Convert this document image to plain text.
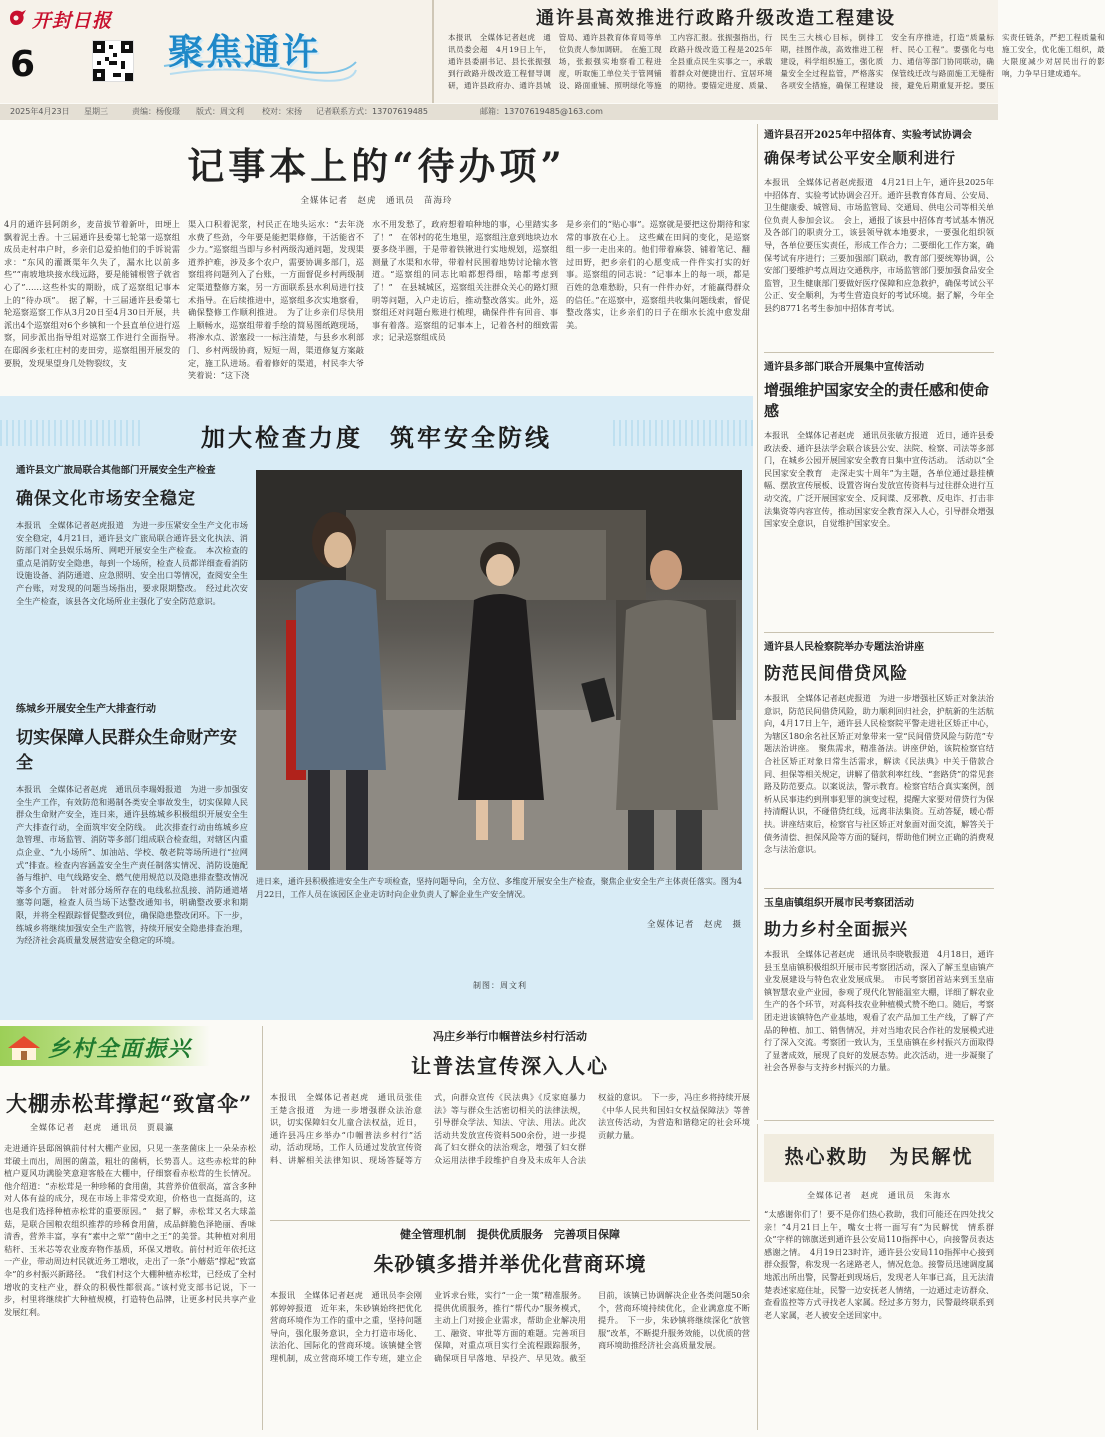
开封日报
6	聚焦通许
通许县高效推进行政路升级改造工程建设
本报讯　全媒体记者赵虎　通讯员娄会超　4月19日上午，通许县委副书记、县长张振强到行政路升级改造工程督导调研，通许县政府办、通许县城管局、通许县教育体育局等单位负责人参加调研。　在施工现场，张振强实地察看工程进度，听取施工单位关于管网铺设、路面重铺、照明绿化等施工内容汇报。张振强指出，行政路升级改造工程是2025年全县重点民生实事之一，承载着群众对便捷出行、宜居环境的期待。要锚定进度、质量、民生三大核心目标，倒排工期，挂图作战，高效推进工程建设，科学组织施工，强化质量安全全过程监管，严格落实各项安全措施，确保工程建设安全有序推进，打造“质量标杆、民心工程”。要强化与电力、通信等部门协同联动，确保管线迁改与路面施工无缝衔接，避免后期重复开挖。要压实责任链条，严把工程质量和施工安全，优化施工组织，最大限度减少对居民出行的影响，力争早日建成通车。
2025年4月23日 星期三	责编：杨俊璟 版式：周文利 校对：宋扬 记者联系方式：13707619485	邮箱：13707619485@163.com
记事本上的“待办项”
全媒体记者　赵虎　通讯员　苗海玲
4月的通许县阿朗乡，麦苗拔节着新叶，田埂上飘着泥土香。十三届通许县委第七轮第一巡察组成员走村串户时，乡亲们总爱拍他们的手诉说需求：“东风的灌溉渠年久失了，漏水比以前多些”“南坡地块接水线远路，要是能铺根管子就省心了”……这些朴实的期盼，成了巡察组记事本上的“待办项”。　据了解，十三届通许县委第七轮巡察巡察工作从3月20日至4月30日开展，共派出4个巡察组对6个乡镇和一个县直单位进行巡察，同步派出指导组对巡察工作进行全面指导。　在邸阁乡张杠庄村的麦田旁，巡察组围开展发的要脱，发现果望身几处物裂纹，支
渠入口积着泥浆，村民正在地头运水：“去年浇水费了些劲，今年要是能把渠修修，干活能省不少力。”巡察组当即与乡村两级沟通问题，发现渠道养护难，涉及多个农户，需要协调多部门，巡察组将问题列入了台账，一方面督促乡村两级制定渠道整修方案，另一方面联系县水利局进行技术指导。在后续推进中，巡察组多次实地察看，确保整修工作顺利推进。　为了让乡亲们尽快用上顺畅水，巡察组带着手绘的简易图纸跑现场，将渗水点、淤塞段一一标注清楚，与县乡水利部门、乡村两级协商，短短一周，渠道修复方案敲定，施工队进场。看着修好的渠道，村民李大爷笑着说：“这下浇
水不用发愁了，政府想着咱种地的事，心里踏实多了！”　在邻村的花生地里，巡察组注意到地块边水要多绕半圈，于是带着铁锹进行实地规划，巡察组测量了水渠和水带，带着村民围着地势讨论输水管道。“巡察组的同志比咱都想得细，啥都考虑到了！”　在县城城区，巡察组关注群众关心的路灯照明等问题，入户走访后，推动整改落实。此外，巡察组还对问题台账进行梳理，确保件件有回音、事事有着落。巡察组的记事本上，记着各村的细致需求；记录巡察组成员
是乡亲们的“贴心事”。巡察就是要把这份期待和家常的事放在心上。　这些藏在田间的变化，是巡察组一步一走出来的。他们带着麻袋、铺着笔记、翻过田野，把乡亲们的心愿变成一件件实打实的好事。巡察组的同志说：“记事本上的每一项，都是百姓的急难愁盼，只有一件件办好，才能赢得群众的信任。”在巡察中，巡察组共收集问题线索，督促整改落实，让乡亲们的日子在细水长流中愈发甜美。
通许县召开2025年中招体育、实验考试协调会
确保考试公平安全顺利进行
本报讯　全媒体记者赵虎报道　4月21日上午，通许县2025年中招体育、实验考试协调会召开。通许县教育体育局、公安局、卫生健康委、城管局、市场监管局、交通局、供电公司等相关单位负责人参加会议。　会上，通报了该县中招体育考试基本情况及各部门的职责分工，该县领导就本地要求，一要强化组织领导，各单位要压实责任，形成工作合力；二要细化工作方案，确保考试有序进行；三要加强部门联动，教育部门要统筹协调，公安部门要维护考点周边交通秩序，市场监管部门要加强食品安全监管，卫生健康部门要做好医疗保障和应急救护，确保考试公平公正、安全顺利，为考生营造良好的考试环境。据了解，今年全县约8771名考生参加中招体育考试。
通许县多部门联合开展集中宣传活动
增强维护国家安全的责任感和使命感
本报讯　全媒体记者赵虎　通讯员张敏方报道　近日，通许县委政法委、通许县法学会联合该县公安、法院、检察、司法等多部门，在城乡公园开展国家安全教育日集中宣传活动。　活动以“全民国家安全教育　走深走实十周年”为主题，各单位通过悬挂横幅、摆放宣传展板、设置咨询台发放宣传资料与过往群众进行互动交流，广泛开展国家安全、反间谍、反邪教、反电诈、打击非法集资等内容宣传，推动国家安全教育深入人心，引导群众增强国家安全意识，自觉维护国家安全。
通许县人民检察院举办专题法治讲座
防范民间借贷风险
本报讯　全媒体记者赵虎报道　为进一步增强社区矫正对象法治意识，防范民间借贷风险，助力顺利回归社会，护航新的生活航向，4月17日上午，通许县人民检察院平警走进社区矫正中心，为辖区180余名社区矫正对象带来一堂“民间借贷风险与防范”专题法治讲座。　聚焦需求，精准备法。讲座伊始，该院检察官结合社区矫正对象日常生活需求，解读《民法典》中关于借款合同、担保等相关规定，讲解了借款利率红线、“套路贷”的常见套路及防范要点。以案说法，警示教育。检察官结合真实案例，剖析从民事违约到刑事犯罪的演变过程，提醒大家要对借贷行为保持清醒认识，不碰借贷红线，远离非法集资。互动答疑，暖心帮扶。讲座结束后，检察官与社区矫正对象面对面交流，解答关于债务清偿、担保风险等方面的疑问，帮助他们树立正确的消费观念与法治意识。
玉皇庙镇组织开展市民考察团活动
助力乡村全面振兴
本报讯　全媒体记者赵虎　通讯员李晓敬报道　4月18日，通许县玉皇庙镇积极组织开展市民考察团活动，深入了解玉皇庙镇产业发展建设与特色农业发展成果。　市民考察团首站来到玉皇庙镇智慧农业产业园，参观了现代化智能温室大棚，详细了解农业生产的各个环节，对高科技农业种植模式赞不绝口。随后，考察团走进该镇特色产业基地，观看了农产品加工生产线，了解了产品的种植、加工、销售情况，并对当地农民合作社的发展模式进行了深入交流。考察团一致认为，玉皇庙镇在乡村振兴方面取得了显著成效，展现了良好的发展态势。此次活动，进一步凝聚了社会各界参与支持乡村振兴的力量。
加大检查力度　筑牢安全防线
通许县文广旅局联合其他部门开展安全生产检查
确保文化市场安全稳定
本报讯　全媒体记者赵虎报道　为进一步压紧安全生产文化市场安全稳定，4月21日，通许县文广旅局联合通许县文化执法、消防部门对全县娱乐场所、网吧开展安全生产检查。　本次检查的重点是消防安全隐患，每到一个场所，检查人员都详细查看消防设施设备、消防通道、应急照明、安全出口等情况，查阅安全生产台账，对发现的问题当场指出，要求限期整改。　经过此次安全生产检查，该县各文化场所业主强化了安全防范意识。
练城乡开展安全生产大排查行动
切实保障人民群众生命财产安全
本报讯　全媒体记者赵虎　通讯员李瑞姆报道　为进一步加强安全生产工作，有效防范和遏制各类安全事故发生，切实保障人民群众生命财产安全，连日来，通许县练城乡积极组织开展安全生产大排查行动，全面筑牢安全防线。　此次排查行动由练城乡应急管理、市场监管、消防等多部门组成联合检查组，对辖区内重点企业、“九小场所”、加油站、学校、敬老院等场所进行“拉网式”排查。检查内容涵盖安全生产责任制落实情况、消防设施配备与维护、电气线路安全、燃气使用规范以及隐患排查整改情况等多个方面。　针对部分场所存在的电线私拉乱接、消防通道堵塞等问题，检查人员当场下达整改通知书，明确整改要求和期限，并将全程跟踪督促整改到位，确保隐患整改闭环。下一步，练城乡将继续加强安全生产监管，持续开展安全隐患排查治理，为经济社会高质量发展营造安全稳定的环境。
进日来，通许县积极推进安全生产专项检查，坚持问题导向，全方位、多维度开展安全生产检查，聚焦企业安全生产主体责任落实。图为4月22日，工作人员在该园区企业走访时向企业负责人了解企业生产安全情况。
全媒体记者　赵虎　摄
制图：周文利
乡村全面振兴
大棚赤松茸撑起“致富伞”
全媒体记者　赵虎　通讯员　贾晨瀛
走进通许县邸阁镇前付村大棚产业园，只见一垄垄菌床上一朵朵赤松茸破土而出，周围的菌盖，粗壮的菌柄，长势喜人。这些赤松茸的种植户夏风功满脸笑意迎客般在大棚中，仔细察看赤松茸的生长情况。他介绍道：“赤松茸是一种珍稀的食用菌，其营养价值很高，富含多种对人体有益的成分，现在市场上非常受欢迎，价格也一直挺高的，这也是我们选择种植赤松茸的重要原因。”　据了解，赤松茸又名大球盖菇，是联合国粮农组织推荐的珍稀食用菌，成品鲜脆色泽艳丽、香味清香，营养丰富，享有“素中之荤”“菌中之王”的美誉。其种植对利用秸秆、玉米芯等农业废弃物作基质，环保又增收。前付村近年依托这一产业，带动周边村民就近务工增收，走出了一条“小蘑菇”撑起“致富伞”的乡村振兴新路径。　“我们村这个大棚种植赤松茸，已经成了全村增收的支柱产业，群众的积极性都很高。”该村党支部书记说，下一步，村里将继续扩大种植规模，打造特色品牌，让更多村民共享产业发展红利。
冯庄乡举行巾帼普法乡村行活动
让普法宣传深入人心
本报讯　全媒体记者赵虎　通讯员张佳　王楚含报道　为进一步增强群众法治意识，切实保障妇女儿童合法权益，近日，通许县冯庄乡举办“巾帼普法乡村行”活动，活动现场，工作人员通过发放宣传资料、讲解相关法律知识、现场答疑等方式，向群众宣传《民法典》《反家庭暴力法》等与群众生活密切相关的法律法规，引导群众学法、知法、守法、用法。此次活动共发放宣传资料500余份，进一步提高了妇女群众的法治观念，增强了妇女群众运用法律手段维护自身及未成年人合法权益的意识。　下一步，冯庄乡将持续开展《中华人民共和国妇女权益保障法》等普法宣传活动，为营造和谐稳定的社会环境贡献力量。
健全管理机制　提供优质服务　完善项目保障
朱砂镇多措并举优化营商环境
本报讯　全媒体记者赵虎　通讯员李会刚　郭婷婷报道　近年来，朱砂镇始终把优化营商环境作为工作的重中之重，坚持问题导向，强化服务意识，全力打造市场化、法治化、国际化的营商环境。该镇健全管理机制，成立营商环境工作专班，建立企业诉求台账，实行“一企一策”精准服务。提供优质服务，推行“帮代办”服务模式，主动上门对接企业需求，帮助企业解决用工、融资、审批等方面的难题。完善项目保障，对重点项目实行全流程跟踪服务，确保项目早落地、早投产、早见效。截至目前，该镇已协调解决企业各类问题50余个，营商环境持续优化，企业满意度不断提升。　下一步，朱砂镇将继续深化“放管服”改革，不断提升服务效能，以优质的营商环境助推经济社会高质量发展。
热心救助　为民解忧
全媒体记者　赵虎　通讯员　朱海水
“太感谢你们了！要不是你们热心救助，我们可能还在四处找父亲！”4月21日上午，嘴女士将一面写有“为民解忧　情系群众”字样的锦旗送到通许县公安局110指挥中心，向接警员表达感谢之情。　4月19日23时许，通许县公安局110指挥中心接到群众报警，称发现一名迷路老人，情况危急。接警员迅速调度属地派出所出警，民警赶到现场后，发现老人年事已高，且无法清楚表述家庭住址，民警一边安抚老人情绪，一边通过走访群众、查看监控等方式寻找老人家属。经过多方努力，民警最终联系到老人家属，老人被安全送回家中。
